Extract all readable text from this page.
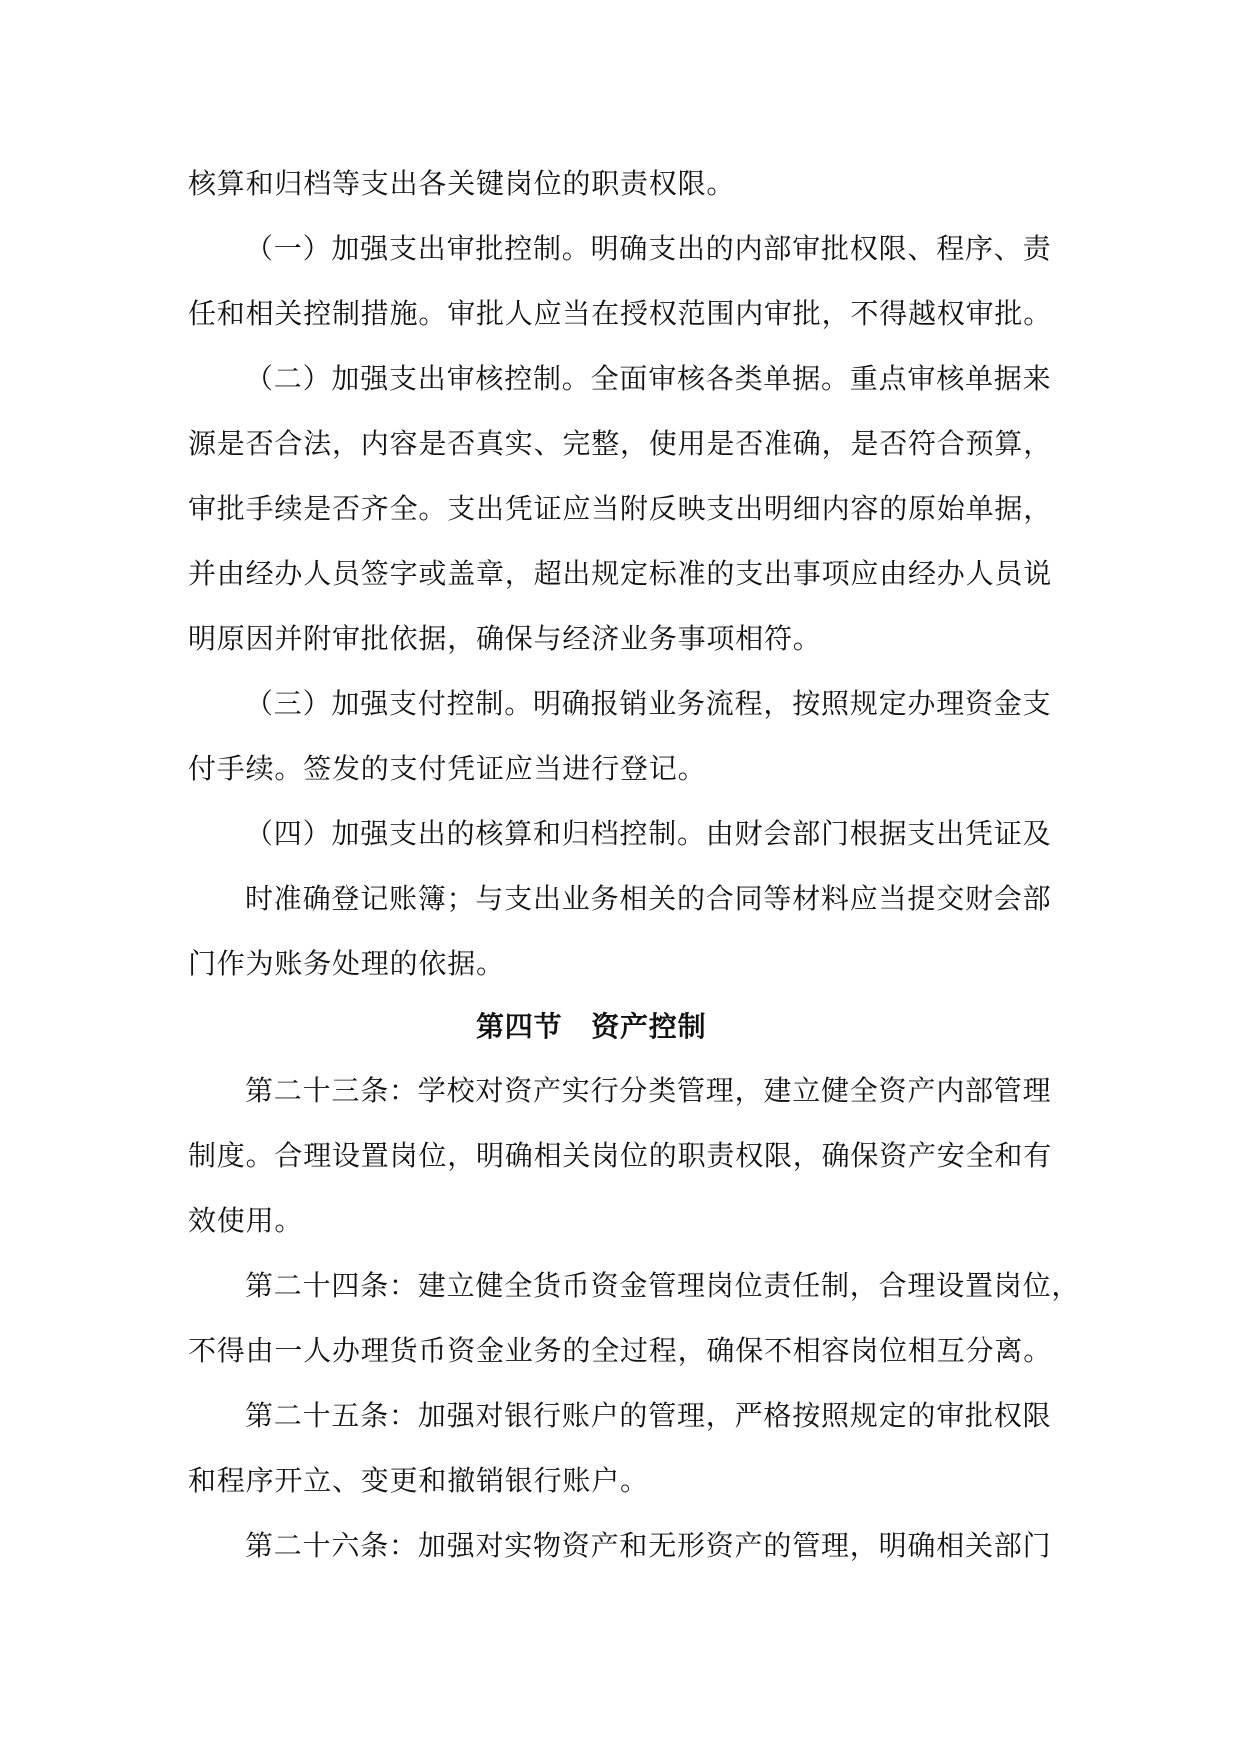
核算和归档等支出各关键岗位的职责权限。
（一）加强支出审批控制。明确支出的内部审批权限、程序、责
任和相关控制措施。审批人应当在授权范围内审批，不得越权审批。
（二）加强支出审核控制。全面审核各类单据。重点审核单据来
源是否合法，内容是否真实、完整，使用是否准确，是否符合预算，
审批手续是否齐全。支出凭证应当附反映支出明细内容的原始单据，
并由经办人员签字或盖章，超出规定标准的支出事项应由经办人员说
明原因并附审批依据，确保与经济业务事项相符。
（三）加强支付控制。明确报销业务流程，按照规定办理资金支
付手续。签发的支付凭证应当进行登记。
（四）加强支出的核算和归档控制。由财会部门根据支出凭证及
时准确登记账簿；与支出业务相关的合同等材料应当提交财会部
门作为账务处理的依据。
第四节　资产控制
第二十三条：学校对资产实行分类管理，建立健全资产内部管理
制度。合理设置岗位，明确相关岗位的职责权限，确保资产安全和有
效使用。
第二十四条：建立健全货币资金管理岗位责任制，合理设置岗位，
不得由一人办理货币资金业务的全过程，确保不相容岗位相互分离。
第二十五条：加强对银行账户的管理，严格按照规定的审批权限
和程序开立、变更和撤销银行账户。
第二十六条：加强对实物资产和无形资产的管理，明确相关部门
